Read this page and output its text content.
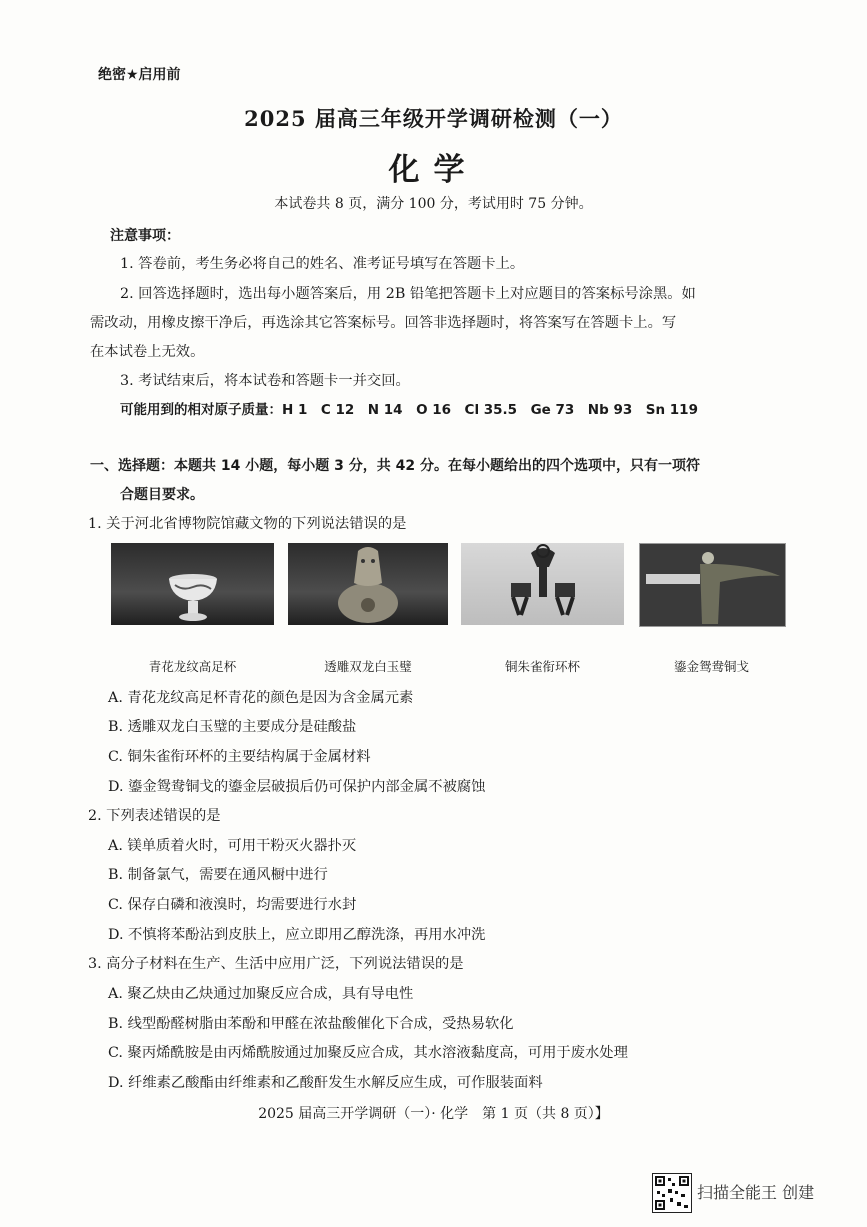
绝密★启用前
2025 届高三年级开学调研检测（一）
化学
本试卷共 8 页，满分 100 分，考试用时 75 分钟。
注意事项：
1. 答卷前，考生务必将自己的姓名、准考证号填写在答题卡上。
2. 回答选择题时，选出每小题答案后，用 2B 铅笔把答题卡上对应题目的答案标号涂黑。如
需改动，用橡皮擦干净后，再选涂其它答案标号。回答非选择题时，将答案写在答题卡上。写
在本试卷上无效。
3. 考试结束后，将本试卷和答题卡一并交回。
可能用到的相对原子质量：H 1　C 12　N 14　O 16　Cl 35.5　Ge 73　Nb 93　Sn 119
一、选择题：本题共 14 小题，每小题 3 分，共 42 分。在每小题给出的四个选项中，只有一项符
合题目要求。
1. 关于河北省博物院馆藏文物的下列说法错误的是
青花龙纹高足杯	透雕双龙白玉璧	铜朱雀衔环杯	鎏金鸳鸯铜戈
A. 青花龙纹高足杯青花的颜色是因为含金属元素
B. 透雕双龙白玉璧的主要成分是硅酸盐
C. 铜朱雀衔环杯的主要结构属于金属材料
D. 鎏金鸳鸯铜戈的鎏金层破损后仍可保护内部金属不被腐蚀
2. 下列表述错误的是
A. 镁单质着火时，可用干粉灭火器扑灭
B. 制备氯气，需要在通风橱中进行
C. 保存白磷和液溴时，均需要进行水封
D. 不慎将苯酚沾到皮肤上，应立即用乙醇洗涤，再用水冲洗
3. 高分子材料在生产、生活中应用广泛，下列说法错误的是
A. 聚乙炔由乙炔通过加聚反应合成，具有导电性
B. 线型酚醛树脂由苯酚和甲醛在浓盐酸催化下合成，受热易软化
C. 聚丙烯酰胺是由丙烯酰胺通过加聚反应合成，其水溶液黏度高，可用于废水处理
D. 纤维素乙酸酯由纤维素和乙酸酐发生水解反应生成，可作服装面料
2025 届高三开学调研（一）· 化学　第 1 页（共 8 页）】
扫描全能王 创建
